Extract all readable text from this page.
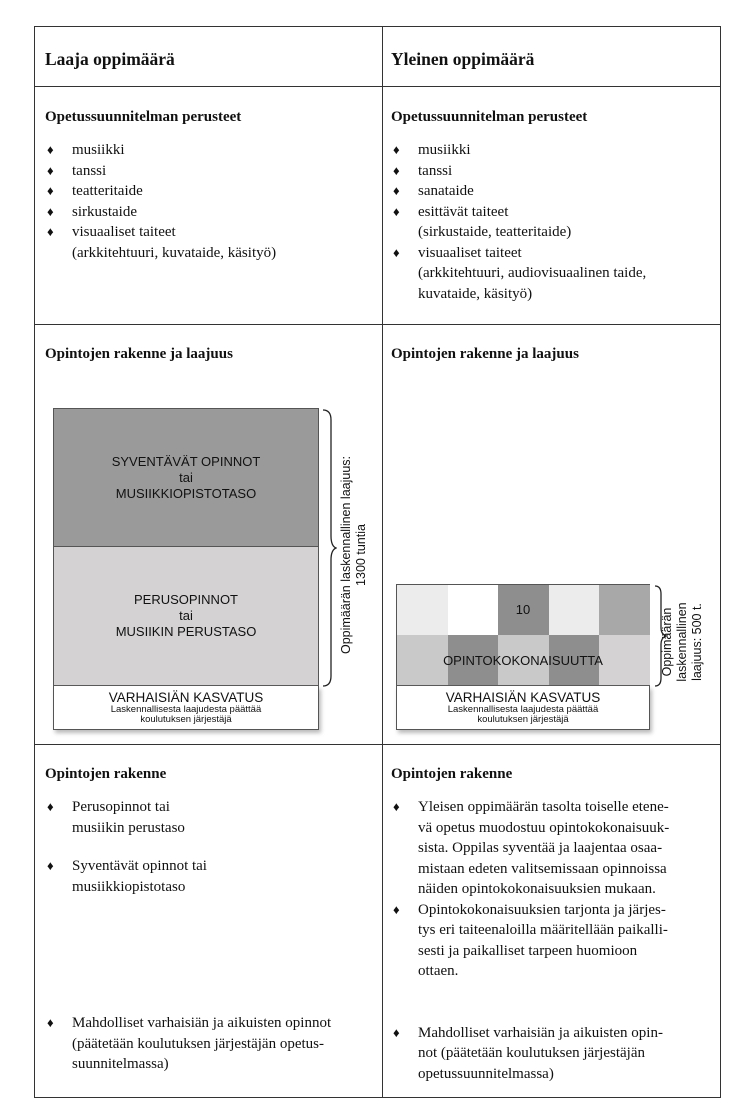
Laaja oppimäärä	Yleinen oppimäärä
Opetussuunnitelman perusteet
♦ musiikki
♦ tanssi
♦ teatteritaide
♦ sirkustaide
♦ visuaaliset taiteet
(arkkitehtuuri, kuvataide, käsityö)
Opetussuunnitelman perusteet
♦ musiikki
♦ tanssi
♦ sanataide
♦ esittävät taiteet
(sirkustaide, teatteritaide)
♦ visuaaliset taiteet
(arkkitehtuuri, audiovisuaalinen taide,
kuvataide, käsityö)
Opintojen rakenne ja laajuus	Opintojen rakenne ja laajuus
SYVENTÄVÄT OPINNOT
tai
MUSIIKKIOPISTOTASO
PERUSOPINNOT
tai
MUSIIKIN PERUSTASO
VARHAISIÄN KASVATUS
Laskennallisesta laajudesta päättää
koulutuksen järjestäjä
Oppimäärän laskennallinen laajuus: 1300 tuntia
10
OPINTOKOKONAISUUTTA
VARHAISIÄN KASVATUS
Laskennallisesta laajudesta päättää
koulutuksen järjestäjä
Oppimäärän laskennallinen laajuus: 500 t.
Opintojen rakenne
♦ Perusopinnot tai
musiikin perustaso
♦ Syventävät opinnot tai
musiikkiopistotaso
♦ Mahdolliset varhaisiän ja aikuisten opinnot
(päätetään koulutuksen järjestäjän opetus-
suunnitelmassa)
Opintojen rakenne
♦ Yleisen oppimäärän tasolta toiselle etene-
vä opetus muodostuu opintokokonaisuuk-
sista. Oppilas syventää ja laajentaa osaa-
mistaan edeten valitsemissaan opinnoissa
näiden opintokokonaisuuksien mukaan.
♦ Opintokokonaisuuksien tarjonta ja järjes-
tys eri taiteenaloilla määritellään paikalli-
sesti ja paikalliset tarpeen huomioon
ottaen.
♦ Mahdolliset varhaisiän ja aikuisten opin-
not (päätetään koulutuksen järjestäjän
opetussuunnitelmassa)
